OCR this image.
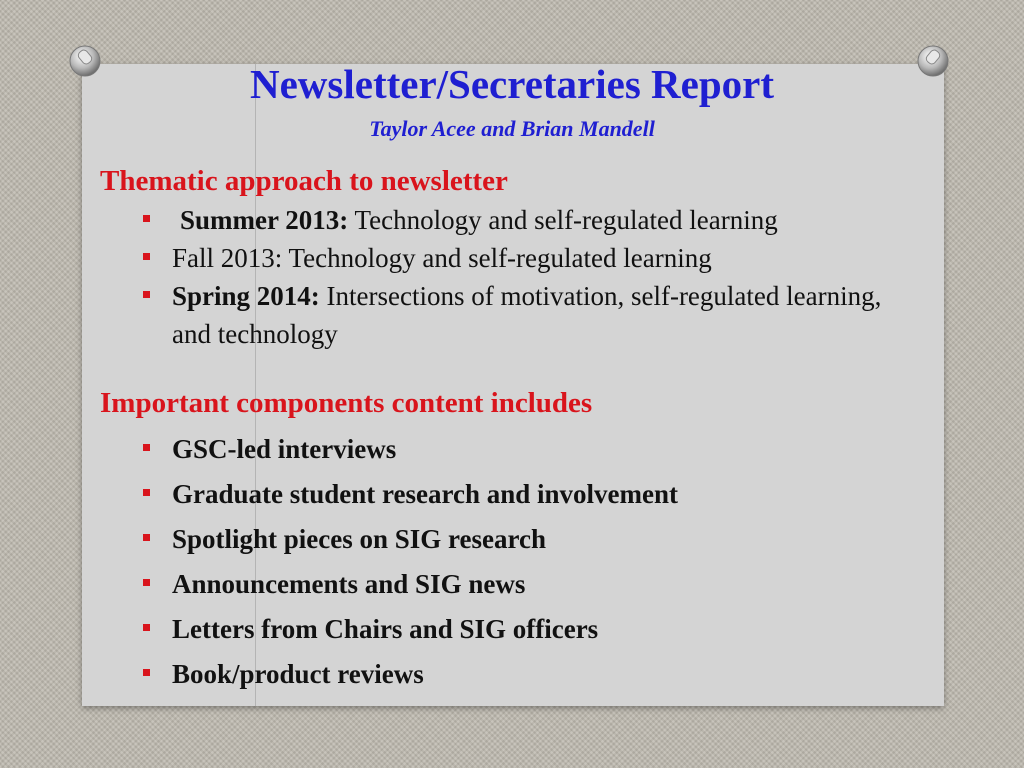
Newsletter/Secretaries Report
Taylor Acee and Brian Mandell
Thematic approach to newsletter
Summer 2013: Technology and self-regulated learning
Fall 2013: Technology and self-regulated learning
Spring 2014: Intersections of motivation, self-regulated learning, and technology
Important components content includes
GSC-led interviews
Graduate student research and involvement
Spotlight pieces on SIG research
Announcements and SIG news
Letters from Chairs and SIG officers
Book/product reviews
